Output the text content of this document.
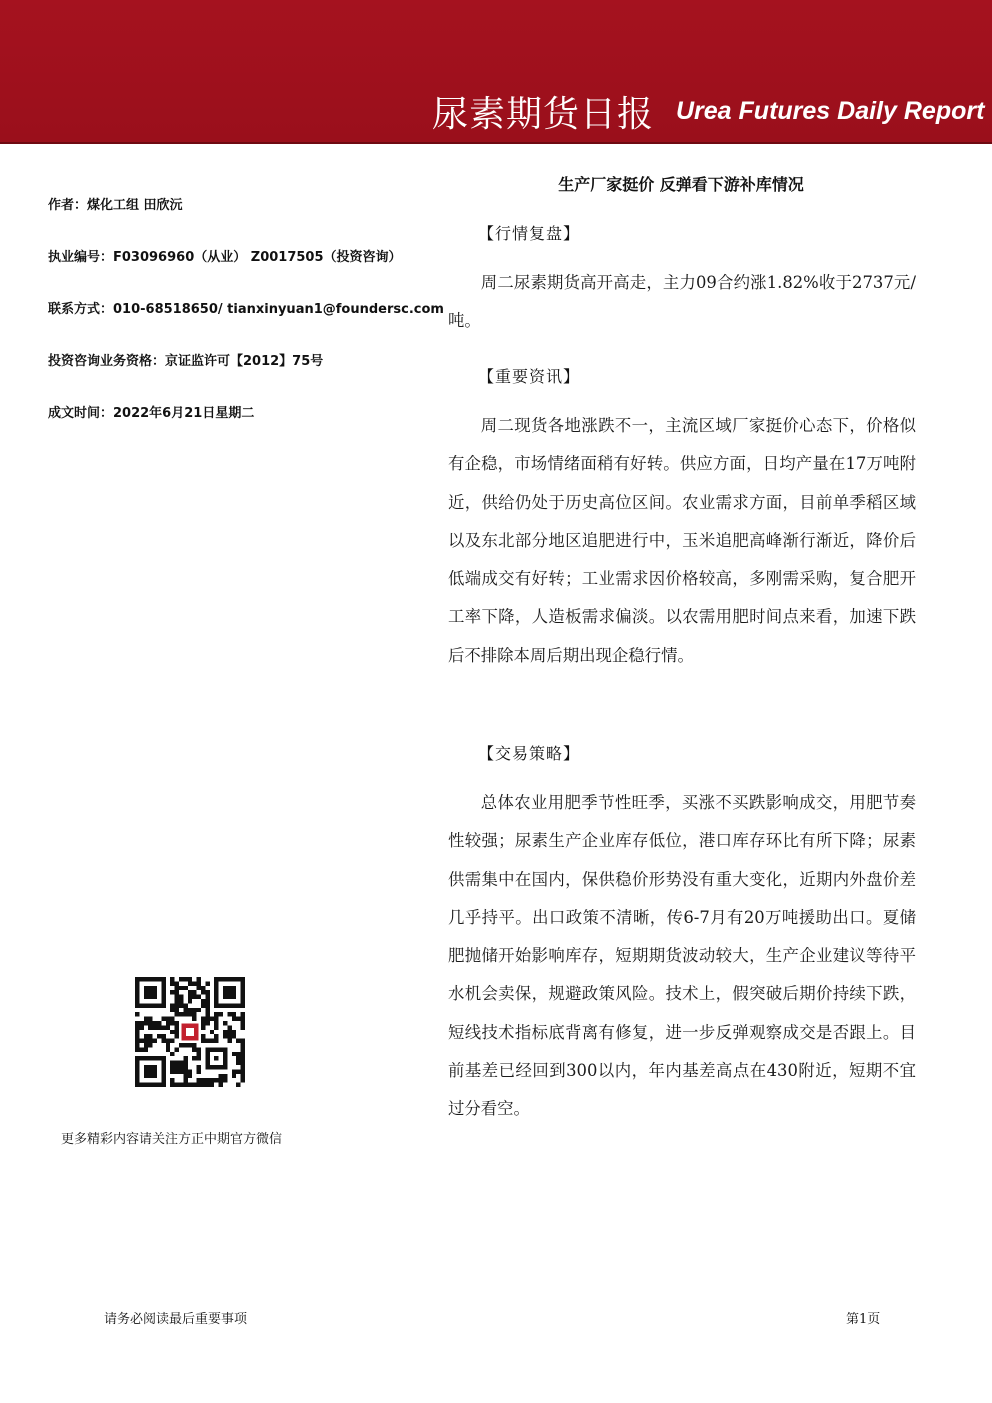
尿素期货日报 Urea Futures Daily Report
作者：煤化工组 田欣沅
执业编号：F03096960（从业） Z0017505（投资咨询）
联系方式：010-68518650/ tianxinyuan1@foundersc.com
投资咨询业务资格：京证监许可【2012】75号
成文时间：2022年6月21日星期二
更多精彩内容请关注方正中期官方微信
生产厂家挺价 反弹看下游补库情况
【行情复盘】

周二尿素期货高开高走，主力09合约涨1.82%收于2737元/吨。

【重要资讯】

周二现货各地涨跌不一，主流区域厂家挺价心态下，价格似有企稳，市场情绪面稍有好转。供应方面，日均产量在17万吨附近，供给仍处于历史高位区间。农业需求方面，目前单季稻区域以及东北部分地区追肥进行中，玉米追肥高峰渐行渐近，降价后低端成交有好转；工业需求因价格较高，多刚需采购，复合肥开工率下降，人造板需求偏淡。以农需用肥时间点来看，加速下跌后不排除本周后期出现企稳行情。

【交易策略】

总体农业用肥季节性旺季，买涨不买跌影响成交，用肥节奏性较强；尿素生产企业库存低位，港口库存环比有所下降；尿素供需集中在国内，保供稳价形势没有重大变化，近期内外盘价差几乎持平。出口政策不清晰，传6-7月有20万吨援助出口。夏储肥抛储开始影响库存，短期期货波动较大，生产企业建议等待平水机会卖保，规避政策风险。技术上，假突破后期价持续下跌，短线技术指标底背离有修复，进一步反弹观察成交是否跟上。目前基差已经回到300以内，年内基差高点在430附近，短期不宜过分看空。

请务必阅读最后重要事项	第1页
